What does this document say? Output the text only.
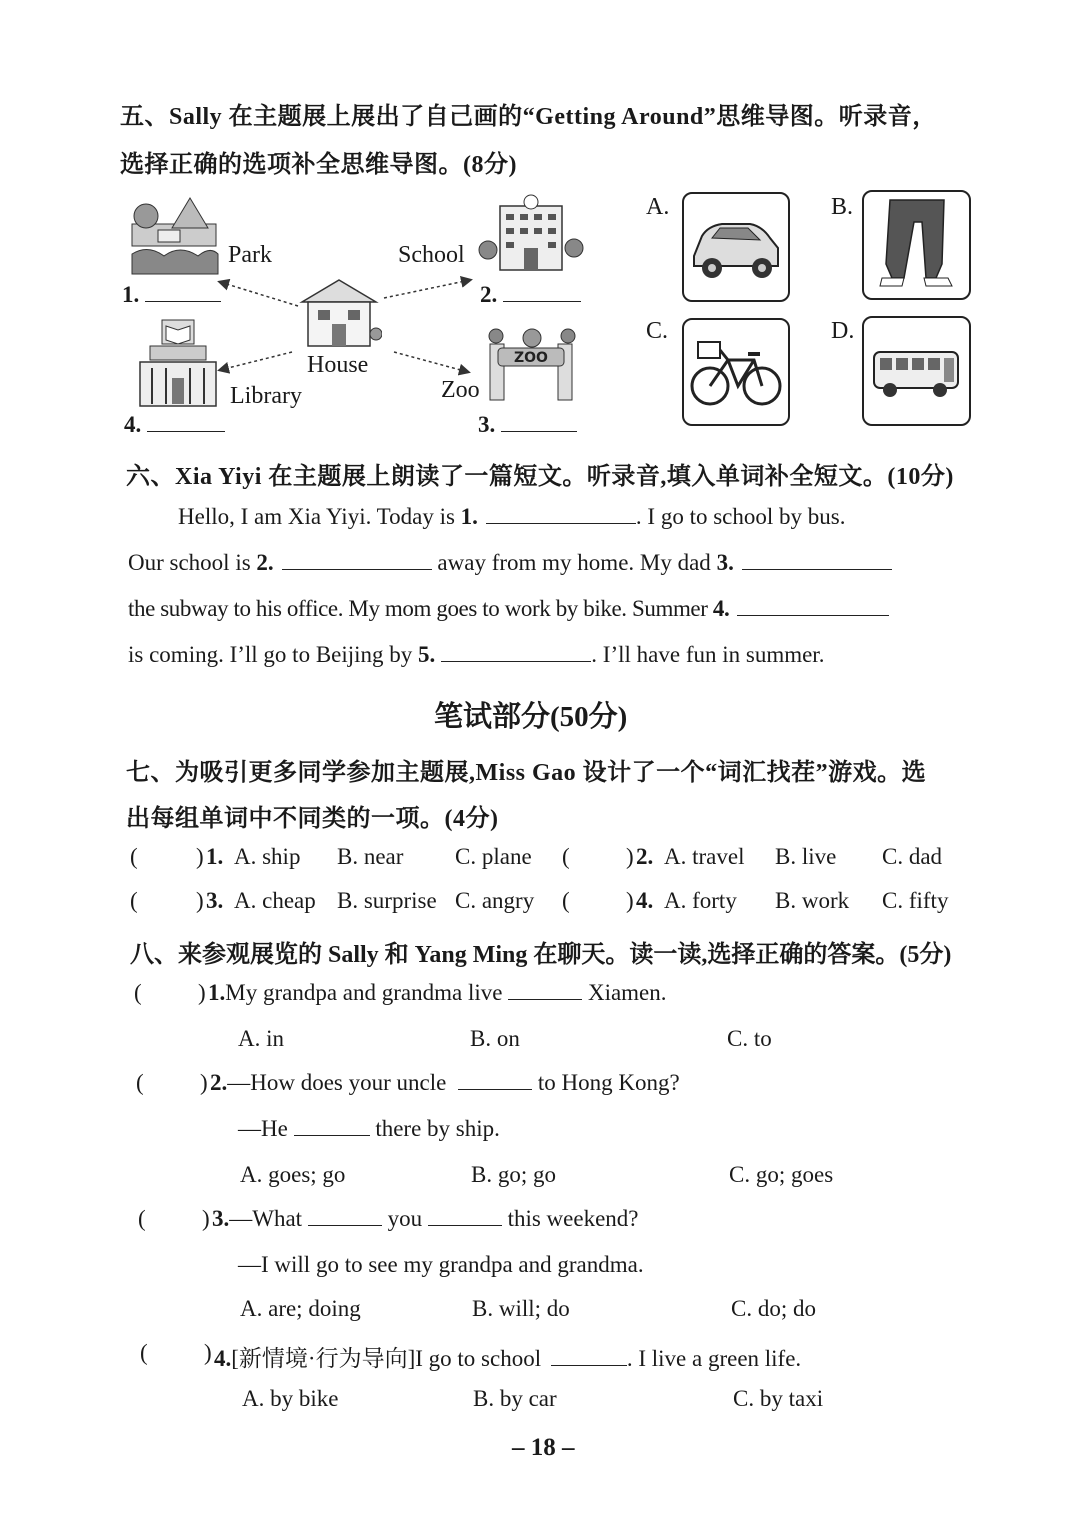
五、Sally 在主题展上展出了自己画的“Getting Around”思维导图。听录音，
选择正确的选项补全思维导图。(8分)
Park	School
House
Library
ZOO
Zoo
1.	2.
3.
4.
A.	B.
C.	D.
六、Xia Yiyi 在主题展上朗读了一篇短文。听录音,填入单词补全短文。(10分)
Hello, I am Xia Yiyi. Today is 1.	. I go to school by bus.
Our school is 2.	away from my home. My dad 3.
the subway to his office. My mom goes to work by bike. Summer 4.
is coming. I’ll go to Beijing by 5.	. I’ll have fun in summer.
笔试部分(50分)
七、为吸引更多同学参加主题展,Miss Gao 设计了一个“词汇找茬”游戏。选
出每组单词中不同类的一项。(4分)
(	) 1. A. ship B. near C. plane ( ) 2. A. travel B. live C. dad
(	) 3. A. cheap B. surprise C. angry ( ) 4. A. forty B. work C. fifty
八、来参观展览的 Sally 和 Yang Ming 在聊天。读一读,选择正确的答案。(5分)
( ) 1.My grandpa and grandma live	Xiamen.
A. in	B. on	C. to
( ) 2.—How does your uncle	to Hong Kong?
—He	there by ship.
A. goes; go	B. go; go	C. go; goes
( ) 3.—What	you	this weekend?
—I will go to see my grandpa and grandma.
A. are; doing	B. will; do	C. do; do
( ) 4.[新情境·行为导向]I go to school	. I live a green life.
A. by bike	B. by car	C. by taxi
– 18 –
